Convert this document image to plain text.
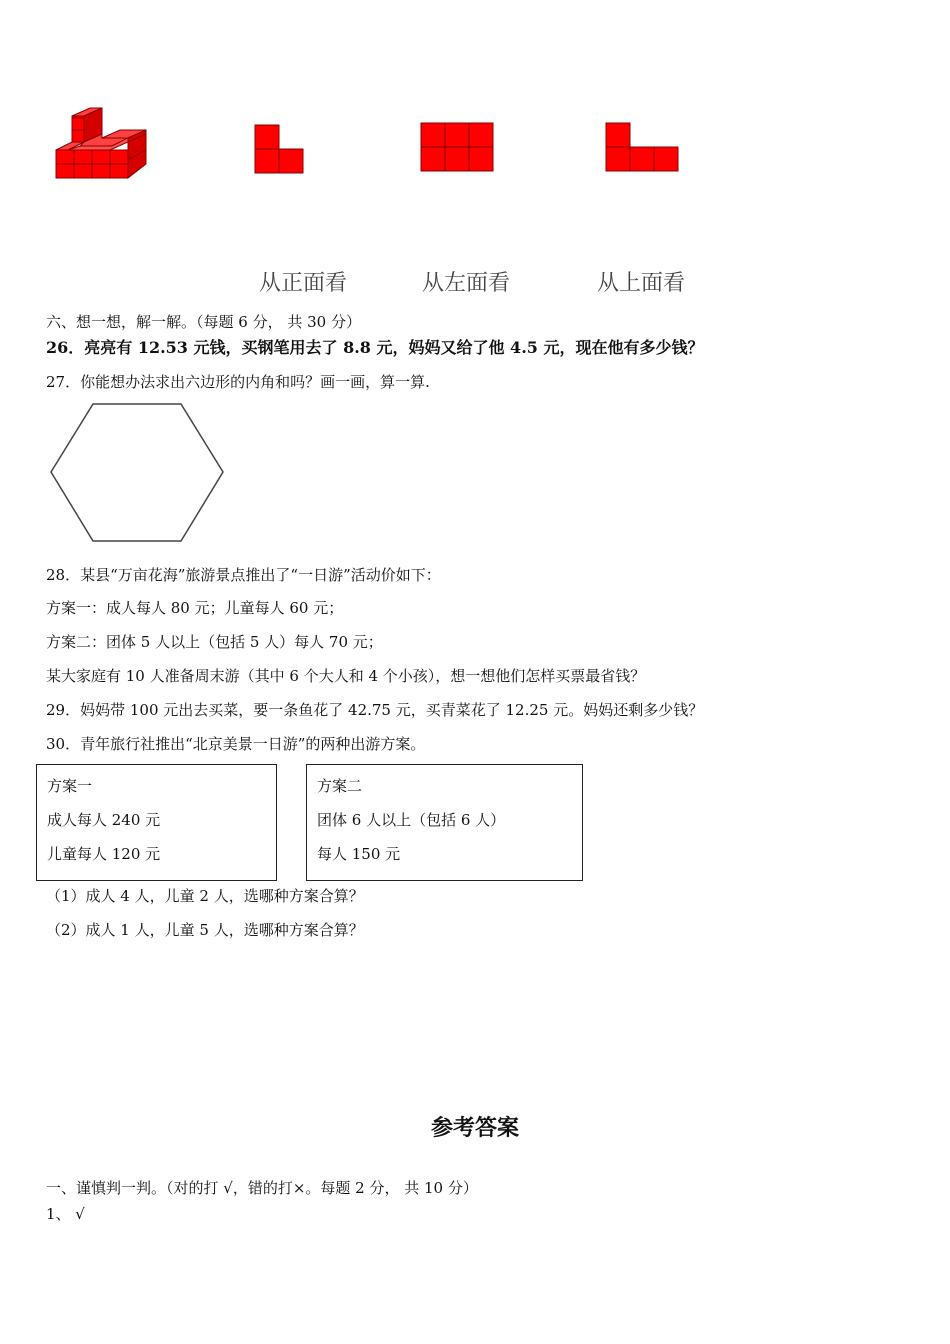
从正面看	从左面看	从上面看
六、想一想，解一解。（每题 6 分， 共 30 分）
26．亮亮有 12.53 元钱，买钢笔用去了 8.8 元，妈妈又给了他 4.5 元，现在他有多少钱？
27．你能想办法求出六边形的内角和吗？画一画，算一算.
28．某县“万亩花海”旅游景点推出了“一日游”活动价如下：
方案一：成人每人 80 元；儿童每人 60 元；
方案二：团体 5 人以上（包括 5 人）每人 70 元；
某大家庭有 10 人准备周末游（其中 6 个大人和 4 个小孩），想一想他们怎样买票最省钱？
29．妈妈带 100 元出去买菜，要一条鱼花了 42.75 元，买青菜花了 12.25 元。妈妈还剩多少钱？
30．青年旅行社推出“北京美景一日游”的两种出游方案。
方案一
成人每人 240 元
儿童每人 120 元
方案二
团体 6 人以上（包括 6 人）
每人 150 元
（1）成人 4 人，儿童 2 人，选哪种方案合算？
（2）成人 1 人，儿童 5 人，选哪种方案合算？
参考答案
一、谨慎判一判。（对的打 √，错的打×。每题 2 分， 共 10 分）
1、 √
